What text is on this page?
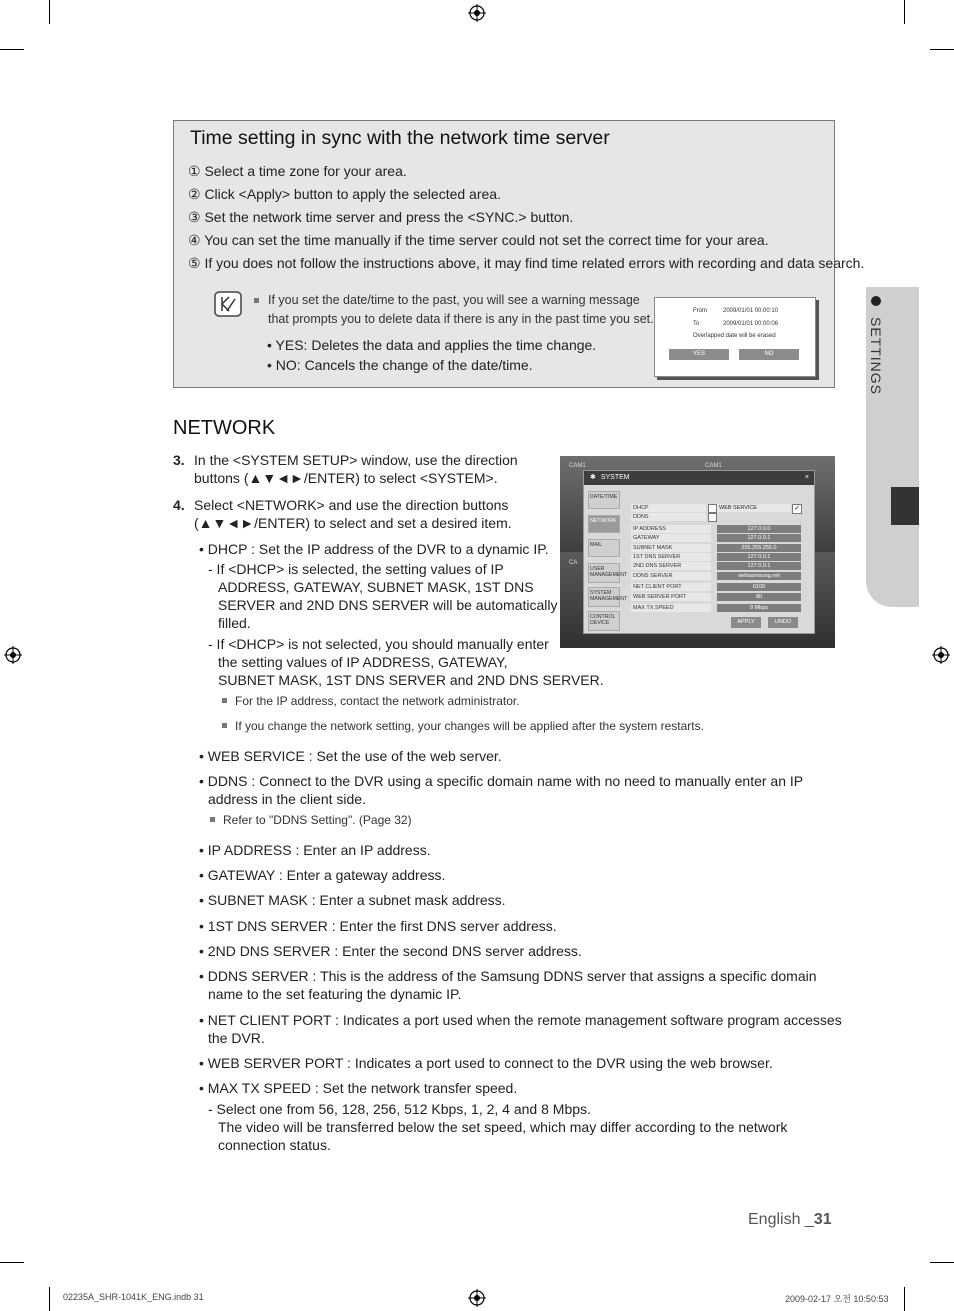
Time setting in sync with the network time server
① Select a time zone for your area.
② Click <Apply> button to apply the selected area.
③ Set the network time server and press the <SYNC.> button.
④ You can set the time manually if the time server could not set the correct time for your area.
⑤ If you does not follow the instructions above, it may find time related errors with recording and data search.
If you set the date/time to the past, you will see a warning message
that prompts you to delete data if there is any in the past time you set.
• YES: Deletes the data and applies the time change.
• NO: Cancels the change of the date/time.
From	2009/01/01 00:00:10
To	2009/01/01 00:00:06
Overlapped date will be erased
YES	NO	SETTINGS
NETWORK
3. In the <SYSTEM SETUP> window, use the direction
buttons (▲▼◄►/ENTER) to select <SYSTEM>.
4. Select <NETWORK> and use the direction buttons
(▲▼◄►/ENTER) to select and set a desired item.
• DHCP : Set the IP address of the DVR to a dynamic IP.
- If <DHCP> is selected, the setting values of IP
ADDRESS, GATEWAY, SUBNET MASK, 1ST DNS
SERVER and 2ND DNS SERVER will be automatically
filled.
- If <DHCP> is not selected, you should manually enter
the setting values of IP ADDRESS, GATEWAY,
SUBNET MASK, 1ST DNS SERVER and 2ND DNS SERVER.
For the IP address, contact the network administrator.
If you change the network setting, your changes will be applied after the system restarts.
• WEB SERVICE : Set the use of the web server.
• DDNS : Connect to the DVR using a specific domain name with no need to manually enter an IP
address in the client side.
Refer to "DDNS Setting". (Page 32)
• IP ADDRESS : Enter an IP address.
• GATEWAY : Enter a gateway address.
• SUBNET MASK : Enter a subnet mask address.
• 1ST DNS SERVER : Enter the first DNS server address.
• 2ND DNS SERVER : Enter the second DNS server address.
• DDNS SERVER : This is the address of the Samsung DDNS server that assigns a specific domain
name to the set featuring the dynamic IP.
• NET CLIENT PORT : Indicates a port used when the remote management software program accesses
the DVR.
• WEB SERVER PORT : Indicates a port used to connect to the DVR using the web browser.
• MAX TX SPEED : Set the network transfer speed.
- Select one from 56, 128, 256, 512 Kbps, 1, 2, 4 and 8 Mbps.
The video will be transferred below the set speed, which may differ according to the network
connection status.
CAM1	CAM1
CA
✱ SYSTEM	×
DATE/TIME
NETWORK
MAIL
USER MANAGEMENT
SYSTEM MANAGEMENT
CONTROL DEVICE
DHCP
DDNS
WEB SERVICE	✓
IP ADDRESS	127.0.0.0
GATEWAY	127.0.0.1
SUBNET MASK	255.255.255.0
1ST DNS SERVER	127.0.0.1
2ND DNS SERVER	127.0.0.1
DDNS SERVER	websamsung.net
NET CLIENT PORT	6100
WEB SERVER PORT	80
MAX TX SPEED	8 Mbps
APPLY	UNDO
English _31
02235A_SHR-1041K_ENG.indb 31	2009-02-17 오전 10:50:53
